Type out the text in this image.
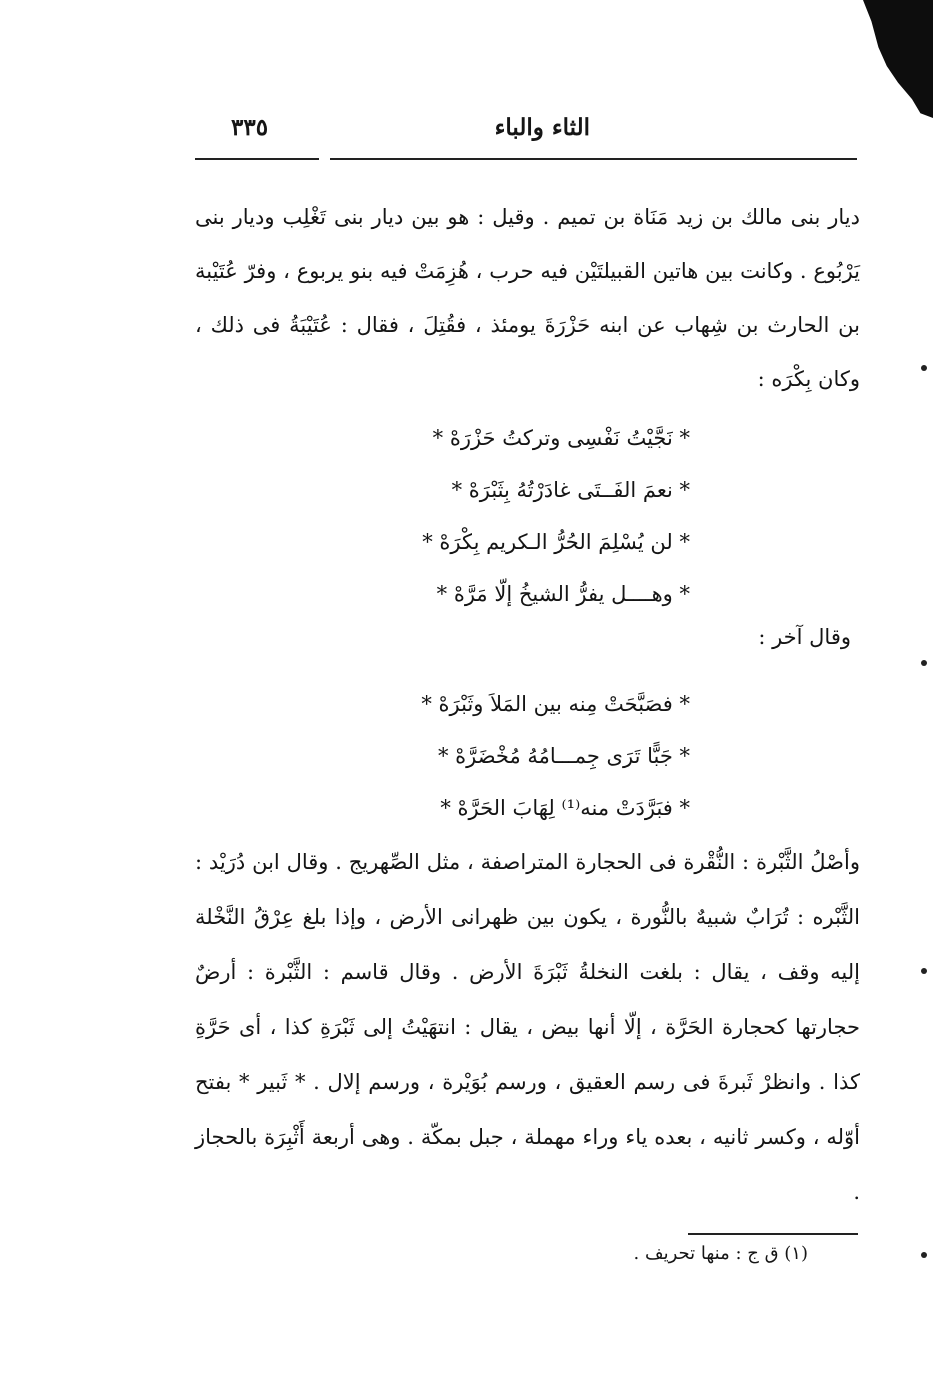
الثاء والباء
٣٣٥

ديار بنى مالك بن زيد مَنَاة بن تميم . وقيل : هو بين ديار بنى تَغْلِب وديار بنى يَرْبُوع . وكانت بين هاتين القبيلتَيْن فيه حرب ، هُزِمَتْ فيه بنو يربوع ، وفرّ عُتَيْبة بن الحارث بن شِهاب عن ابنه حَزْرَةَ يومئذ ، فقُتِلَ ، فقال : عُتَيْبَةُ فى ذلك ، وكان بِكْرَه :

* نَجَّيْتُ نَفْسِى وتركتُ حَزْرَهْ *
* نعمَ الفَــتَى غادَرْتُهُ بِثَبْرَهْ *
* لن يُسْلِمَ الحُرُّ الـكريم بِكْرَهْ *
* وهــــل يفرُّ الشيخُ إلّا مَرَّهْ *
وقال آخر :
* فصَبَّحَتْ مِنه بين المَلاَ وثَبْرَهْ *
* جَبًّا تَرَى جِمـــامُهُ مُخْضَرَّهْ *
* فبَرَّدَتْ منه⁽¹⁾ لِهَابَ الحَرَّهْ *

وأصْلُ الثَّبْرة : النُّقْرة فى الحجارة المتراصفة ، مثل الصِّهريج . وقال ابن دُرَيْد : الثَّبْره : تُرَابٌ شبيهٌ بالنُّورة ، يكون بين ظهرانى الأرض ، وإذا بلغ عِرْقُ النَّخْلة إليه وقف ، يقال : بلغت النخلةُ ثَبْرَةَ الأرض . وقال قاسم : الثَّبْرة : أرضٌ حجارتها كحجارة الحَرَّة ، إلّا أنها بيض ، يقال : انتهَيْتُ إلى ثَبْرَةِ كذا ، أى حَرَّةِ كذا . وانظرْ ثَبرةَ فى رسم العقيق ، ورسم بُوَيْرة ، ورسم إلال . * ثَبير * بفتح أوّله ، وكسر ثانيه ، بعده ياء وراء مهملة ، جبل بمكّة . وهى أربعة أَثْبِرَة بالحجاز .

(١) ق ج : منها تحريف .
